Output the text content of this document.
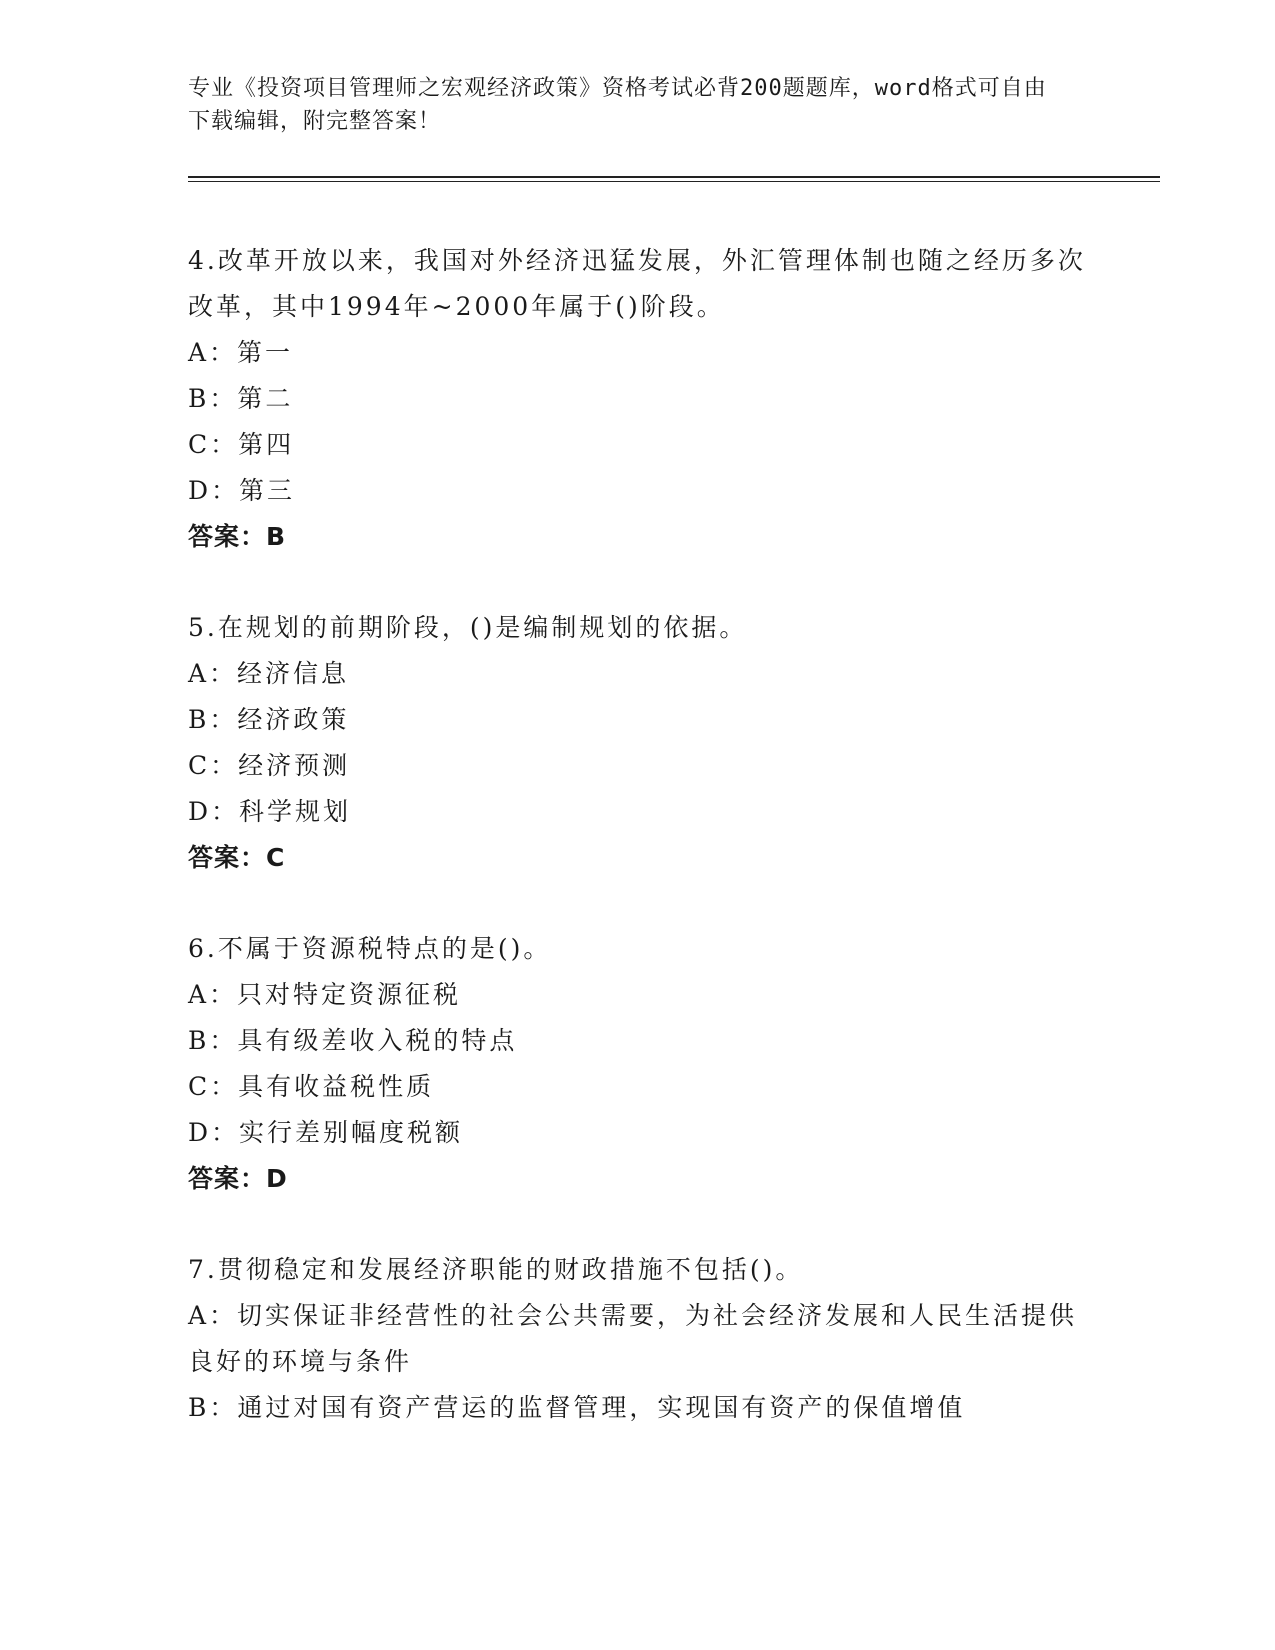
专业《投资项目管理师之宏观经济政策》资格考试必背200题题库，word格式可自由下载编辑，附完整答案！
4.改革开放以来，我国对外经济迅猛发展，外汇管理体制也随之经历多次改革，其中1994年~2000年属于()阶段。
A：第一
B：第二
C：第四
D：第三
答案：B
5.在规划的前期阶段，()是编制规划的依据。
A：经济信息
B：经济政策
C：经济预测
D：科学规划
答案：C
6.不属于资源税特点的是()。
A：只对特定资源征税
B：具有级差收入税的特点
C：具有收益税性质
D：实行差别幅度税额
答案：D
7.贯彻稳定和发展经济职能的财政措施不包括()。
A：切实保证非经营性的社会公共需要，为社会经济发展和人民生活提供良好的环境与条件
B：通过对国有资产营运的监督管理，实现国有资产的保值增值
